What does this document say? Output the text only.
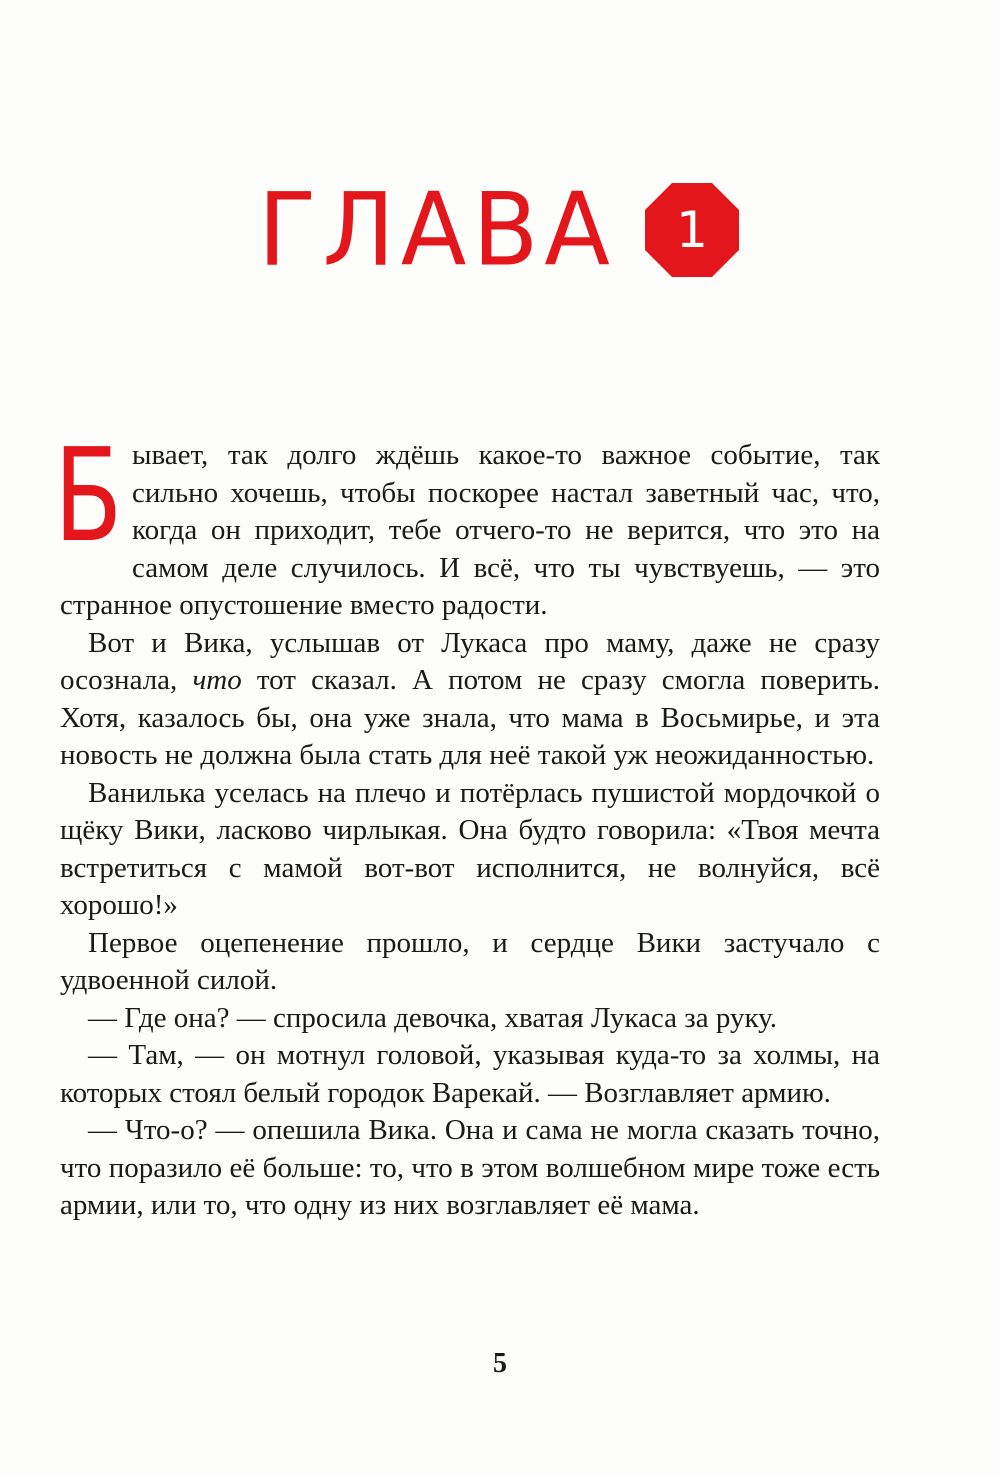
ГЛАВА	1

Бывает, так долго ждёшь какое-то важное событие, так сильно хочешь, чтобы поскорее настал заветный час, что, когда он приходит, тебе отчего-то не верится, что это на самом деле случилось. И всё, что ты чувствуешь, — это странное опустошение вместо радости.

Вот и Вика, услышав от Лукаса про маму, даже не сразу осознала, что тот сказал. А потом не сразу смогла поверить. Хотя, казалось бы, она уже знала, что мама в Восьмирье, и эта новость не должна была стать для неё такой уж неожиданностью.

Ванилька уселась на плечо и потёрлась пушистой мордочкой о щёку Вики, ласково чирлыкая. Она будто говорила: «Твоя мечта встретиться с мамой вот-вот исполнится, не волнуйся, всё хорошо!»

Первое оцепенение прошло, и сердце Вики застучало с удвоенной силой.

— Где она? — спросила девочка, хватая Лукаса за руку.

— Там, — он мотнул головой, указывая куда-то за холмы, на которых стоял белый городок Варекай. — Возглавляет армию.

— Что-о? — опешила Вика. Она и сама не могла сказать точно, что поразило её больше: то, что в этом волшебном мире тоже есть армии, или то, что одну из них возглавляет её мама.

5
